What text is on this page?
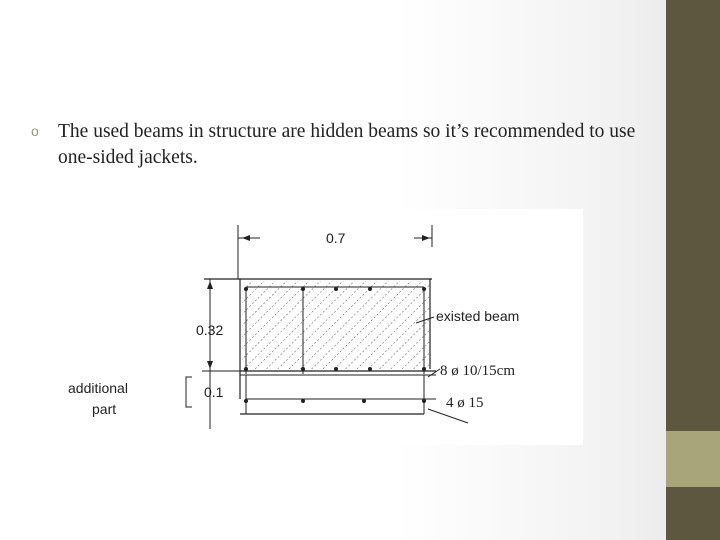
o The used beams in structure are hidden beams so it’s recommended to use one-sided jackets.
0.7
0.32
0.1
existed beam
8 ø 10/15cm
4 ø 15
additional
part
